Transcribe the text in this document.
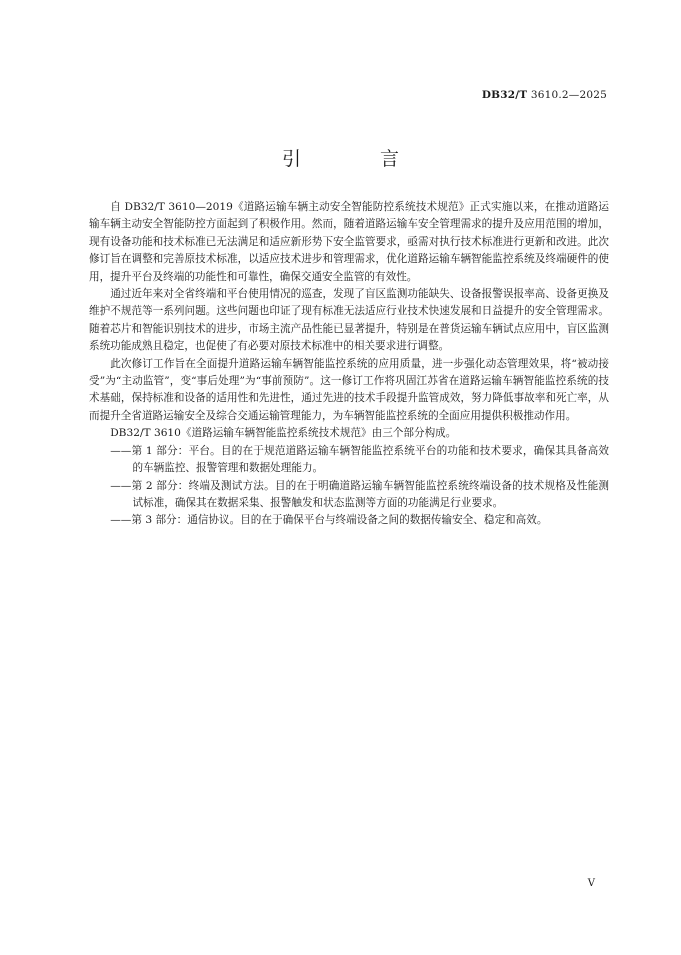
DB32/T 3610.2—2025
引　言

自 DB32/T 3610—2019《道路运输车辆主动安全智能防控系统技术规范》正式实施以来，在推动道路运输车辆主动安全智能防控方面起到了积极作用。然而，随着道路运输车安全管理需求的提升及应用范围的增加，现有设备功能和技术标准已无法满足和适应新形势下安全监管要求，亟需对执行技术标准进行更新和改进。此次修订旨在调整和完善原技术标准，以适应技术进步和管理需求，优化道路运输车辆智能监控系统及终端硬件的使用，提升平台及终端的功能性和可靠性，确保交通安全监管的有效性。

通过近年来对全省终端和平台使用情况的巡查，发现了盲区监测功能缺失、设备报警误报率高、设备更换及维护不规范等一系列问题。这些问题也印证了现有标准无法适应行业技术快速发展和日益提升的安全管理需求。随着芯片和智能识别技术的进步，市场主流产品性能已显著提升，特别是在普货运输车辆试点应用中，盲区监测系统功能成熟且稳定，也促使了有必要对原技术标准中的相关要求进行调整。

此次修订工作旨在全面提升道路运输车辆智能监控系统的应用质量，进一步强化动态管理效果，将“被动接受”为“主动监管”，变“事后处理”为“事前预防”。这一修订工作将巩固江苏省在道路运输车辆智能监控系统的技术基础，保持标准和设备的适用性和先进性，通过先进的技术手段提升监管成效，努力降低事故率和死亡率，从而提升全省道路运输安全及综合交通运输管理能力，为车辆智能监控系统的全面应用提供积极推动作用。

DB32/T 3610《道路运输车辆智能监控系统技术规范》由三个部分构成。

——第 1 部分：平台。目的在于规范道路运输车辆智能监控系统平台的功能和技术要求，确保其具备高效的车辆监控、报警管理和数据处理能力。

——第 2 部分：终端及测试方法。目的在于明确道路运输车辆智能监控系统终端设备的技术规格及性能测试标准，确保其在数据采集、报警触发和状态监测等方面的功能满足行业要求。

——第 3 部分：通信协议。目的在于确保平台与终端设备之间的数据传输安全、稳定和高效。

V
